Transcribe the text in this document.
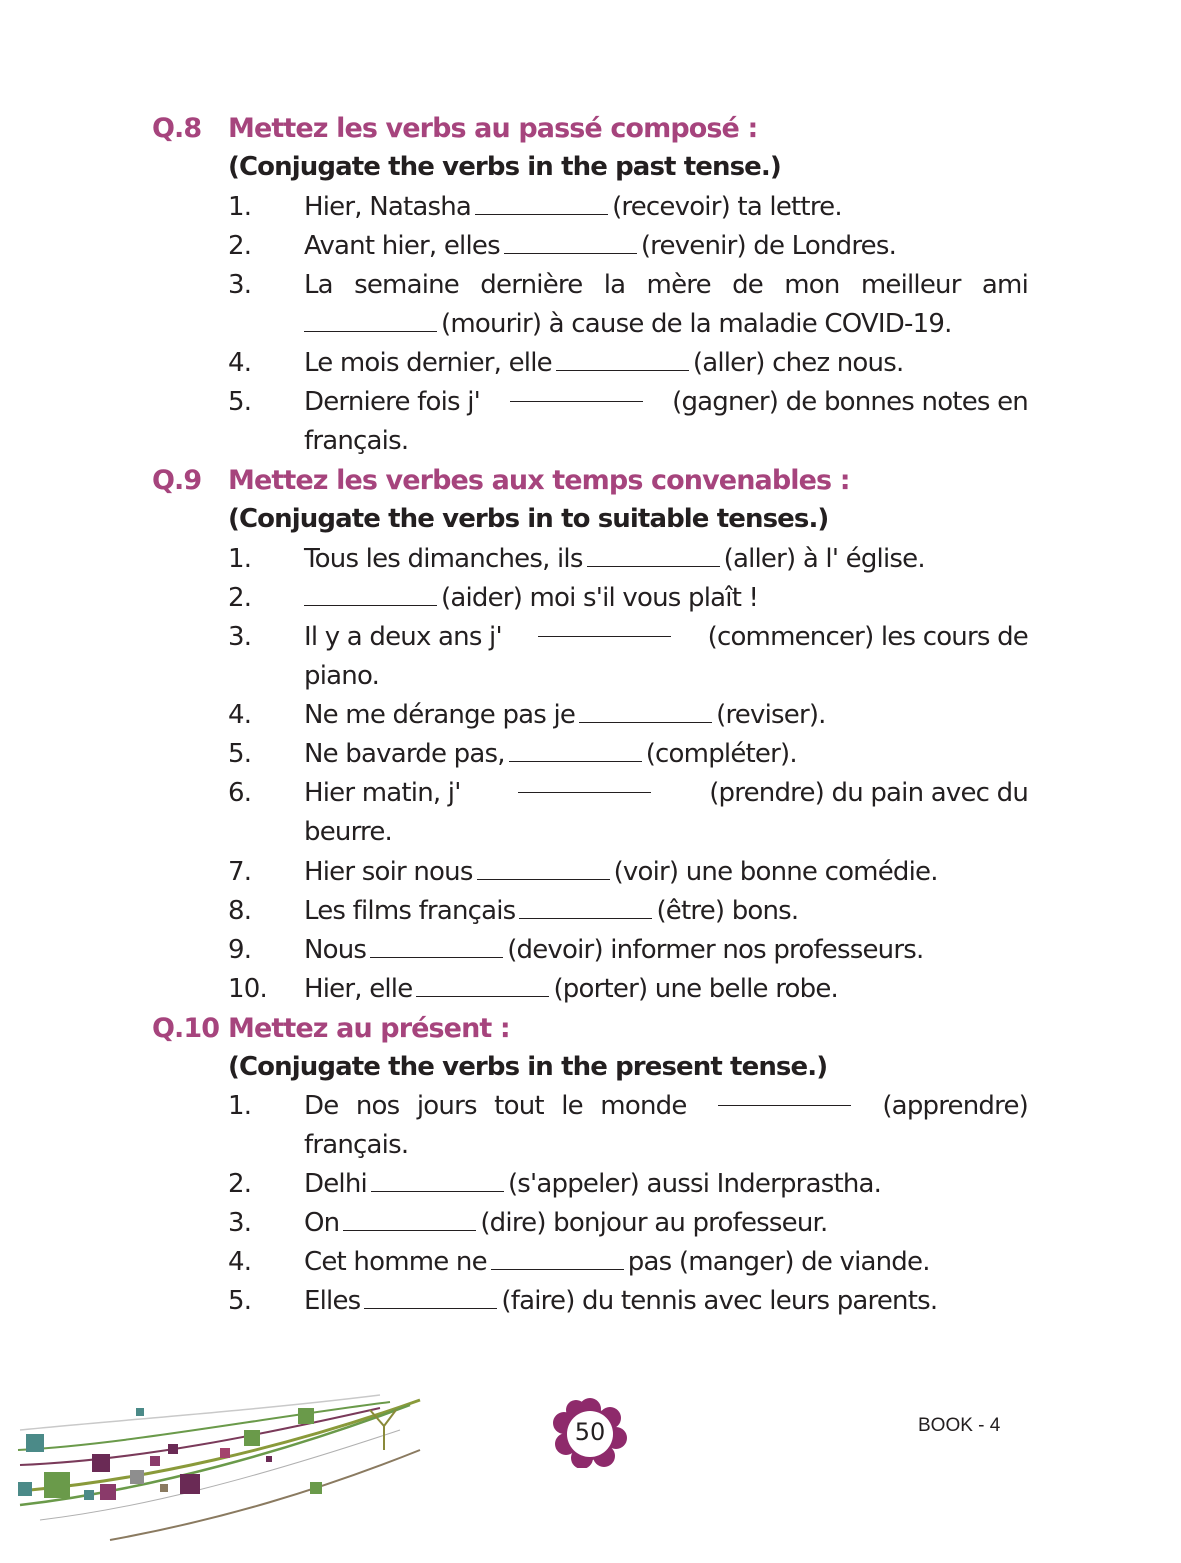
Q.8 Mettez les verbs au passé composé :
(Conjugate the verbs in the past tense.)
1.	Hier, Natasha	(recevoir) ta lettre.
2.	Avant hier, elles	(revenir) de Londres.
3.	La semaine dernière la mère de mon meilleur ami
(mourir) à cause de la maladie COVID-19.
4.	Le mois dernier, elle	(aller) chez nous.
5.	Derniere fois j'	(gagner) de bonnes notes en
français.
Q.9 Mettez les verbes aux temps convenables :
(Conjugate the verbs in to suitable tenses.)
1.	Tous les dimanches, ils	(aller) à l' église.
2.	(aider) moi s'il vous plaît !
3.	Il y a deux ans j'	(commencer) les cours de
piano.
4.	Ne me dérange pas je	(reviser).
5.	Ne bavarde pas,	(compléter).
6.	Hier matin, j'	(prendre) du pain avec du
beurre.
7.	Hier soir nous	(voir) une bonne comédie.
8.	Les films français	(être) bons.
9.	Nous	(devoir) informer nos professeurs.
10.	Hier, elle	(porter) une belle robe.
Q.10 Mettez au présent :
(Conjugate the verbs in the present tense.)
1.	De nos jours tout le monde	(apprendre)
français.
2.	Delhi	(s'appeler) aussi Inderprastha.
3.	On	(dire) bonjour au professeur.
4.	Cet homme ne	pas (manger) de viande.
5.	Elles	(faire) du tennis avec leurs parents.
50	BOOK - 4
